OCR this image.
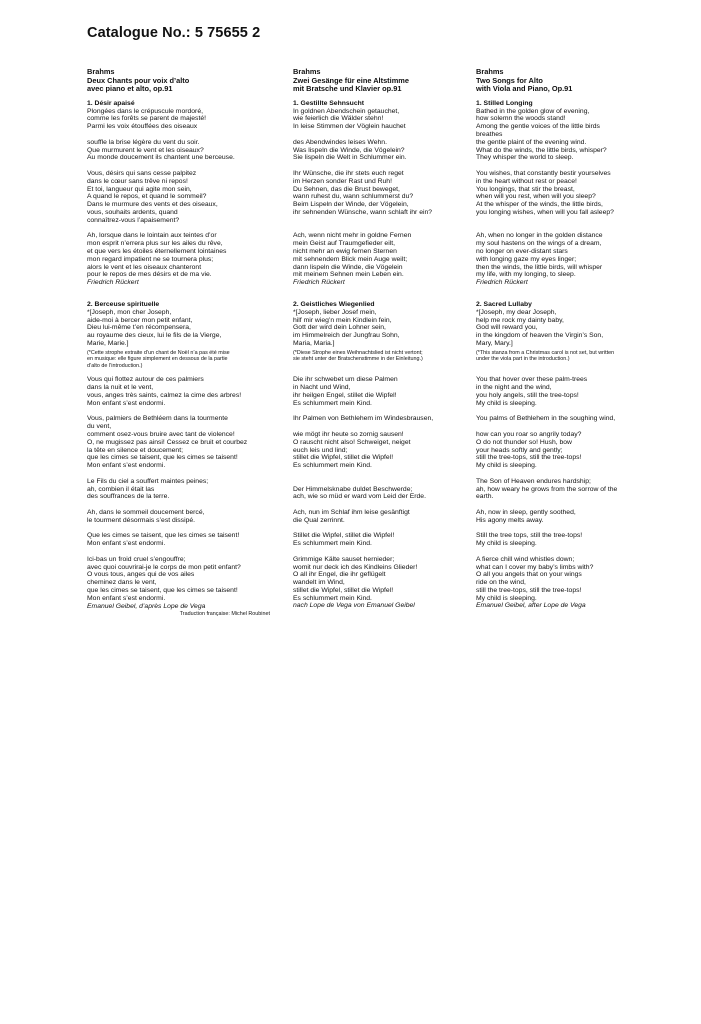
Catalogue No.: 5 75655 2
Brahms
Deux Chants pour voix d’alto
avec piano et alto, op.91
1. Désir apaisé
Plongées dans le crépuscule mordoré,
comme les forêts se parent de majesté!
Parmi les voix étouffées des oiseaux
souffle la brise légère du vent du soir.
Que murmurent le vent et les oiseaux?
Au monde doucement ils chantent une berceuse.
Vous, désirs qui sans cesse palpitez
dans le cœur sans trêve ni repos!
Et toi, langueur qui agite mon sein,
A quand le repos, et quand le sommeil?
Dans le murmure des vents et des oiseaux,
vous, souhaits ardents, quand
connaîtrez-vous l’apaisement?
Ah, lorsque dans le lointain aux teintes d’or
mon esprit n’errera plus sur les ailes du rêve,
et que vers les étoiles éternellement lointaines
mon regard impatient ne se tournera plus;
alors le vent et les oiseaux chanteront
pour le repos de mes désirs et de ma vie.
Friedrich Rückert
2. Berceuse spirituelle
*[Joseph, mon cher Joseph,
aide-moi à bercer mon petit enfant,
Dieu lui-même t’en récompensera,
au royaume des cieux, lui le fils de la Vierge,
Marie, Marie.]
(*Cette strophe extraite d’un chant de Noël n’a pas été mise
en musique: elle figure simplement en dessous de la partie
d’alto de l’introduction.)
Vous qui flottez autour de ces palmiers
dans la nuit et le vent,
vous, anges très saints, calmez la cime des arbres!
Mon enfant s’est endormi.
Vous, palmiers de Bethléem dans la tourmente
du vent,
comment osez-vous bruire avec tant de violence!
O, ne mugissez pas ainsi! Cessez ce bruit et courbez
la tête en silence et doucement;
que les cimes se taisent, que les cimes se taisent!
Mon enfant s’est endormi.
Le Fils du ciel a souffert maintes peines;
ah, combien il était las
des souffrances de la terre.
Ah, dans le sommeil doucement bercé,
le tourment désormais s’est dissipé.
Que les cimes se taisent, que les cimes se taisent!
Mon enfant s’est endormi.
Ici-bas un froid cruel s’engouffre;
avec quoi couvrirai-je le corps de mon petit enfant?
O vous tous, anges qui de vos ailes
cheminez dans le vent,
que les cimes se taisent, que les cimes se taisent!
Mon enfant s’est endormi.
Emanuel Geibel, d’après Lope de Vega
Traduction française: Michel Roubinet
Brahms
Zwei Gesänge für eine Altstimme
mit Bratsche und Klavier op.91
1. Gestillte Sehnsucht
In goldnen Abendschein getauchet,
wie feierlich die Wälder stehn!
In leise Stimmen der Vöglein hauchet
des Abendwindes leises Wehn.
Was lispeln die Winde, die Vögelein?
Sie lispeln die Welt in Schlummer ein.
Ihr Wünsche, die ihr stets euch reget
im Herzen sonder Rast und Ruh!
Du Sehnen, das die Brust beweget,
wann ruhest du, wann schlummerst du?
Beim Lispeln der Winde, der Vögelein,
ihr sehnenden Wünsche, wann schlaft ihr ein?
Ach, wenn nicht mehr in goldne Fernen
mein Geist auf Traumgefieder eilt,
nicht mehr an ewig fernen Sternen
mit sehnendem Blick mein Auge weilt;
dann lispeln die Winde, die Vögelein
mit meinem Sehnen mein Leben ein.
Friedrich Rückert
2. Geistliches Wiegenlied
*[Joseph, lieber Josef mein,
hilf mir wieg’n mein Kindlein fein,
Gott der wird dein Lohner sein,
im Himmelreich der Jungfrau Sohn,
Maria, Maria.]
(*Diese Strophe eines Weihnachtslied ist nicht vertont;
sie steht unter der Bratschenstimme in der Einleitung.)
Die ihr schwebet um diese Palmen
in Nacht und Wind,
ihr heilgen Engel, stillet die Wipfel!
Es schlummert mein Kind.
Ihr Palmen von Bethlehem im Windesbrausen,
wie mögt ihr heute so zornig sausen!
O rauscht nicht also! Schweiget, neiget
euch leis und lind;
stillet die Wipfel, stillet die Wipfel!
Es schlummert mein Kind.
Der Himmelsknabe duldet Beschwerde;
ach, wie so müd er ward vom Leid der Erde.
Ach, nun im Schlaf ihm leise gesänftigt
die Qual zerrinnt.
Stillet die Wipfel, stillet die Wipfel!
Es schlummert mein Kind.
Grimmige Kälte sauset hernieder;
womit nur deck ich des Kindleins Glieder!
O all ihr Engel, die ihr geflügelt
wandelt im Wind,
stillet die Wipfel, stillet die Wipfel!
Es schlummert mein Kind.
nach Lope de Vega von Emanuel Geibel
Brahms
Two Songs for Alto
with Viola and Piano, Op.91
1. Stilled Longing
Bathed in the golden glow of evening,
how solemn the woods stand!
Among the gentle voices of the little birds
breathes
the gentle plaint of the evening wind.
What do the winds, the little birds, whisper?
They whisper the world to sleep.
You wishes, that constantly bestir yourselves
in the heart without rest or peace!
You longings, that stir the breast,
when will you rest, when will you sleep?
At the whisper of the winds, the little birds,
you longing wishes, when will you fall asleep?
Ah, when no longer in the golden distance
my soul hastens on the wings of a dream,
no longer on ever-distant stars
with longing gaze my eyes linger;
then the winds, the little birds, will whisper
my life, with my longing, to sleep.
Friedrich Rückert
2. Sacred Lullaby
*[Joseph, my dear Joseph,
help me rock my dainty baby,
God will reward you,
in the kingdom of heaven the Virgin’s Son,
Mary, Mary.]
(*This stanza from a Christmas carol is not set, but written
under the viola part in the introduction.)
You that hover over these palm-trees
in the night and the wind,
you holy angels, still the tree-tops!
My child is sleeping.
You palms of Bethlehem in the soughing wind,
how can you roar so angrily today?
O do not thunder so! Hush, bow
your heads softly and gently;
still the tree-tops, still the tree-tops!
My child is sleeping.
The Son of Heaven endures hardship;
ah, how weary he grows from the sorrow of the
earth.
Ah, now in sleep, gently soothed,
His agony melts away.
Still the tree tops, still the tree-tops!
My child is sleeping.
A fierce chill wind whistles down;
what can I cover my baby’s limbs with?
O all you angels that on your wings
ride on the wind,
still the tree-tops, still the tree-tops!
My child is sleeping.
Emanuel Geibel, after Lope de Vega
